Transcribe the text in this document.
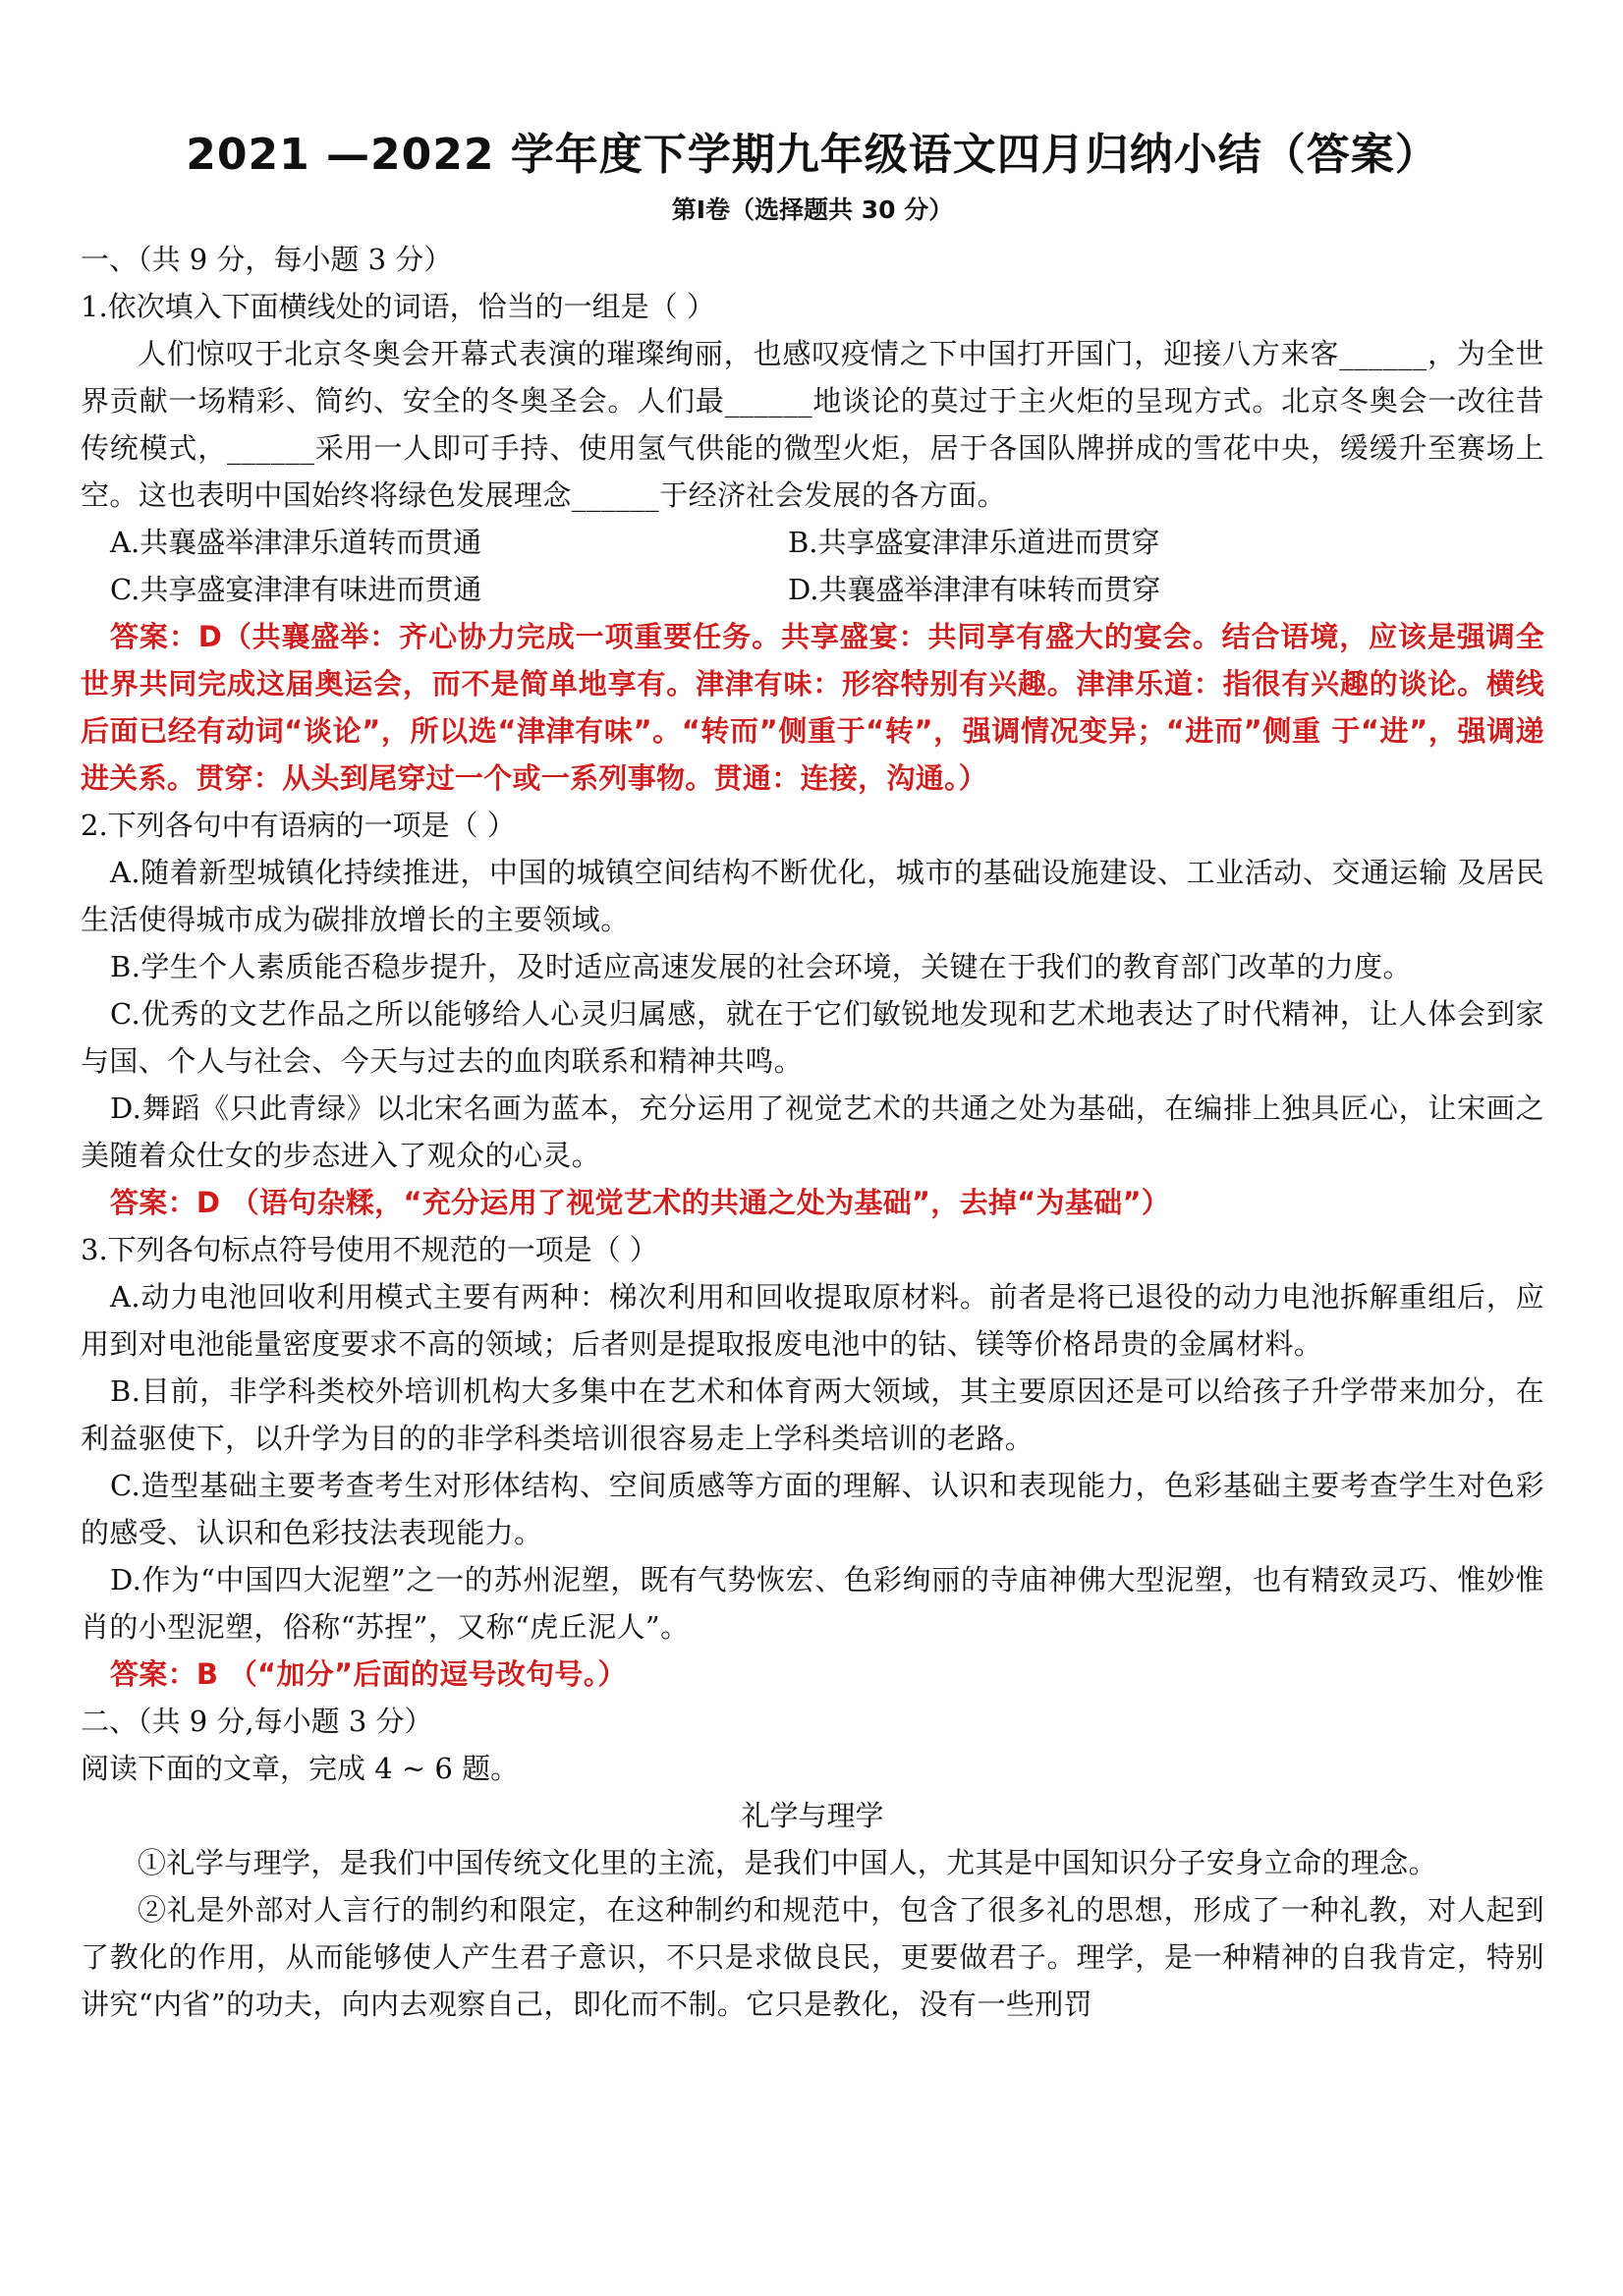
2021 —2022 学年度下学期九年级语文四月归纳小结（答案）
第Ⅰ卷（选择题共 30 分）

一、（共 9 分，每小题 3 分）

1.依次填入下面横线处的词语，恰当的一组是（ ）

人们惊叹于北京冬奥会开幕式表演的璀璨绚丽，也感叹疫情之下中国打开国门，迎接八方来客______，为全世 界贡献一场精彩、简约、安全的冬奥圣会。人们最______地谈论的莫过于主火炬的呈现方式。北京冬奥会一改往昔传统模式，______采用一人即可手持、使用氢气供能的微型火炬，居于各国队牌拼成的雪花中央，缓缓升至赛场上空。这也表明中国始终将绿色发展理念______于经济社会发展的各方面。

A.共襄盛举津津乐道转而贯通	B.共享盛宴津津乐道进而贯穿
C.共享盛宴津津有味进而贯通	D.共襄盛举津津有味转而贯穿

答案：D（共襄盛举：齐心协力完成一项重要任务。共享盛宴：共同享有盛大的宴会。结合语境，应该是强调全世界共同完成这届奥运会，而不是简单地享有。津津有味：形容特别有兴趣。津津乐道：指很有兴趣的谈论。横线后面已经有动词“谈论”，所以选“津津有味”。“转而”侧重于“转”，强调情况变异；“进而”侧重 于“进”，强调递进关系。贯穿：从头到尾穿过一个或一系列事物。贯通：连接，沟通。）

2.下列各句中有语病的一项是（ ）

A.随着新型城镇化持续推进，中国的城镇空间结构不断优化，城市的基础设施建设、工业活动、交通运输 及居民生活使得城市成为碳排放增长的主要领域。

B.学生个人素质能否稳步提升，及时适应高速发展的社会环境，关键在于我们的教育部门改革的力度。

C.优秀的文艺作品之所以能够给人心灵归属感，就在于它们敏锐地发现和艺术地表达了时代精神，让人体会到家与国、个人与社会、今天与过去的血肉联系和精神共鸣。

D.舞蹈《只此青绿》以北宋名画为蓝本，充分运用了视觉艺术的共通之处为基础，在编排上独具匠心，让宋画之美随着众仕女的步态进入了观众的心灵。

答案：D （语句杂糅，“充分运用了视觉艺术的共通之处为基础”，去掉“为基础”）

3.下列各句标点符号使用不规范的一项是（ ）

A.动力电池回收利用模式主要有两种：梯次利用和回收提取原材料。前者是将已退役的动力电池拆解重组后，应用到对电池能量密度要求不高的领域；后者则是提取报废电池中的钴、镁等价格昂贵的金属材料。

B.目前，非学科类校外培训机构大多集中在艺术和体育两大领域，其主要原因还是可以给孩子升学带来加分，在利益驱使下，以升学为目的的非学科类培训很容易走上学科类培训的老路。

C.造型基础主要考查考生对形体结构、空间质感等方面的理解、认识和表现能力，色彩基础主要考查学生对色彩的感受、认识和色彩技法表现能力。

D.作为“中国四大泥塑”之一的苏州泥塑，既有气势恢宏、色彩绚丽的寺庙神佛大型泥塑，也有精致灵巧、惟妙惟肖的小型泥塑，俗称“苏捏”，又称“虎丘泥人”。

答案：B （“加分”后面的逗号改句号。）

二、（共 9 分,每小题 3 分）

阅读下面的文章，完成 4 ~ 6 题。

礼学与理学

①礼学与理学，是我们中国传统文化里的主流，是我们中国人，尤其是中国知识分子安身立命的理念。

②礼是外部对人言行的制约和限定，在这种制约和规范中，包含了很多礼的思想，形成了一种礼教，对人起到了教化的作用，从而能够使人产生君子意识，不只是求做良民，更要做君子。理学，是一种精神的自我肯定，特别讲究“内省”的功夫，向内去观察自己，即化而不制。它只是教化，没有一些刑罚
